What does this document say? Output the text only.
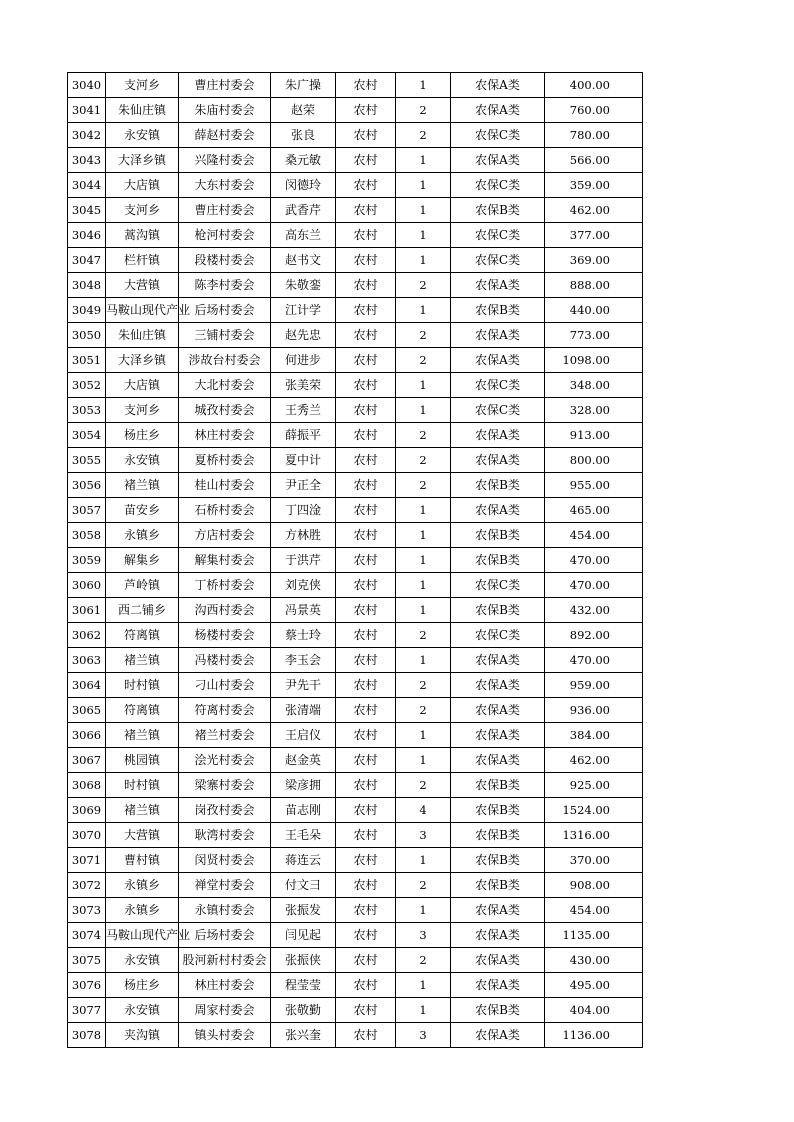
3040	支河乡	曹庄村委会	朱广操	农村	1	农保A类	400.00
3041	朱仙庄镇	朱庙村委会	赵荣	农村	2	农保A类	760.00
3042	永安镇	薛赵村委会	张良	农村	2	农保C类	780.00
3043	大泽乡镇	兴隆村委会	桑元敏	农村	1	农保A类	566.00
3044	大店镇	大东村委会	闵德玲	农村	1	农保C类	359.00
3045	支河乡	曹庄村委会	武香芹	农村	1	农保B类	462.00
3046	蒿沟镇	枪河村委会	高东兰	农村	1	农保C类	377.00
3047	栏杆镇	段楼村委会	赵书文	农村	1	农保C类	369.00
3048	大营镇	陈李村委会	朱敬銮	农村	2	农保A类	888.00
3049	马鞍山现代产业	后场村委会	江计学	农村	1	农保B类	440.00
3050	朱仙庄镇	三铺村委会	赵先忠	农村	2	农保A类	773.00
3051	大泽乡镇	涉故台村委会	何进步	农村	2	农保A类	1098.00
3052	大店镇	大北村委会	张美荣	农村	1	农保C类	348.00
3053	支河乡	城孜村委会	王秀兰	农村	1	农保C类	328.00
3054	杨庄乡	林庄村委会	薛振平	农村	2	农保A类	913.00
3055	永安镇	夏桥村委会	夏中计	农村	2	农保A类	800.00
3056	褚兰镇	桂山村委会	尹正全	农村	2	农保B类	955.00
3057	苗安乡	石桥村委会	丁四淦	农村	1	农保A类	465.00
3058	永镇乡	方店村委会	方林胜	农村	1	农保B类	454.00
3059	解集乡	解集村委会	于洪芹	农村	1	农保B类	470.00
3060	芦岭镇	丁桥村委会	刘克侠	农村	1	农保C类	470.00
3061	西二铺乡	沟西村委会	冯景英	农村	1	农保B类	432.00
3062	符离镇	杨楼村委会	蔡士玲	农村	2	农保C类	892.00
3063	褚兰镇	冯楼村委会	李玉会	农村	1	农保A类	470.00
3064	时村镇	刁山村委会	尹先干	农村	2	农保A类	959.00
3065	符离镇	符离村委会	张清端	农村	2	农保A类	936.00
3066	褚兰镇	褚兰村委会	王启仪	农村	1	农保A类	384.00
3067	桃园镇	浍光村委会	赵金英	农村	1	农保A类	462.00
3068	时村镇	梁寨村委会	梁彦拥	农村	2	农保B类	925.00
3069	褚兰镇	岗孜村委会	苗志刚	农村	4	农保B类	1524.00
3070	大营镇	耿湾村委会	王毛朵	农村	3	农保B类	1316.00
3071	曹村镇	闵贤村委会	蒋连云	农村	1	农保B类	370.00
3072	永镇乡	禅堂村委会	付文彐	农村	2	农保B类	908.00
3073	永镇乡	永镇村委会	张振发	农村	1	农保A类	454.00
3074	马鞍山现代产业	后场村委会	闫见起	农村	3	农保A类	1135.00
3075	永安镇	股河新村村委会	张振侠	农村	2	农保A类	430.00
3076	杨庄乡	林庄村委会	程莹莹	农村	1	农保A类	495.00
3077	永安镇	周家村委会	张敬勤	农村	1	农保B类	404.00
3078	夹沟镇	镇头村委会	张兴奎	农村	3	农保A类	1136.00
